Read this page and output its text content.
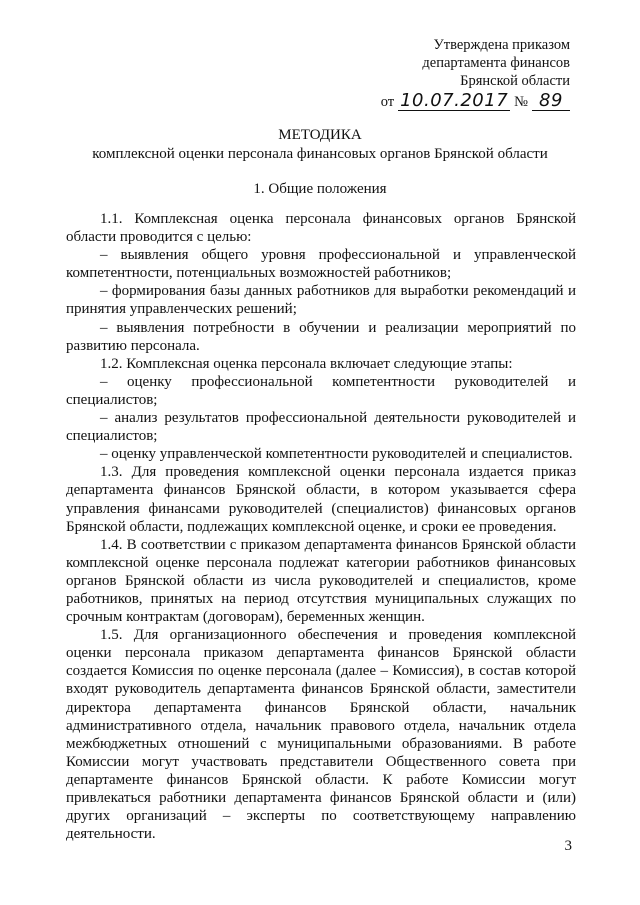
Утверждена приказом
департамента финансов
Брянской области
от 10.07.2017 № 89
МЕТОДИКА
комплексной оценки персонала финансовых органов Брянской области
1. Общие положения

1.1. Комплексная оценка персонала финансовых органов Брянской области проводится с целью:

– выявления общего уровня профессиональной и управленческой компетентности, потенциальных возможностей работников;

– формирования базы данных работников для выработки рекомендаций и принятия управленческих решений;

– выявления потребности в обучении и реализации мероприятий по развитию персонала.

1.2. Комплексная оценка персонала включает следующие этапы:

– оценку профессиональной компетентности руководителей и специалистов;

– анализ результатов профессиональной деятельности руководителей и специалистов;

– оценку управленческой компетентности руководителей и специалистов.

1.3. Для проведения комплексной оценки персонала издается приказ департамента финансов Брянской области, в котором указывается сфера управления финансами руководителей (специалистов) финансовых органов Брянской области, подлежащих комплексной оценке, и сроки ее проведения.

1.4. В соответствии с приказом департамента финансов Брянской области комплексной оценке персонала подлежат категории работников финансовых органов Брянской области из числа руководителей и специалистов, кроме работников, принятых на период отсутствия муниципальных служащих по срочным контрактам (договорам), беременных женщин.

1.5. Для организационного обеспечения и проведения комплексной оценки персонала приказом департамента финансов Брянской области создается Комиссия по оценке персонала (далее – Комиссия), в состав которой входят руководитель департамента финансов Брянской области, заместители директора департамента финансов Брянской области, начальник административного отдела, начальник правового отдела, начальник отдела межбюджетных отношений с муниципальными образованиями. В работе Комиссии могут участвовать представители Общественного совета при департаменте финансов Брянской области. К работе Комиссии могут привлекаться работники департамента финансов Брянской области и (или) других организаций – эксперты по соответствующему направлению деятельности.

3
